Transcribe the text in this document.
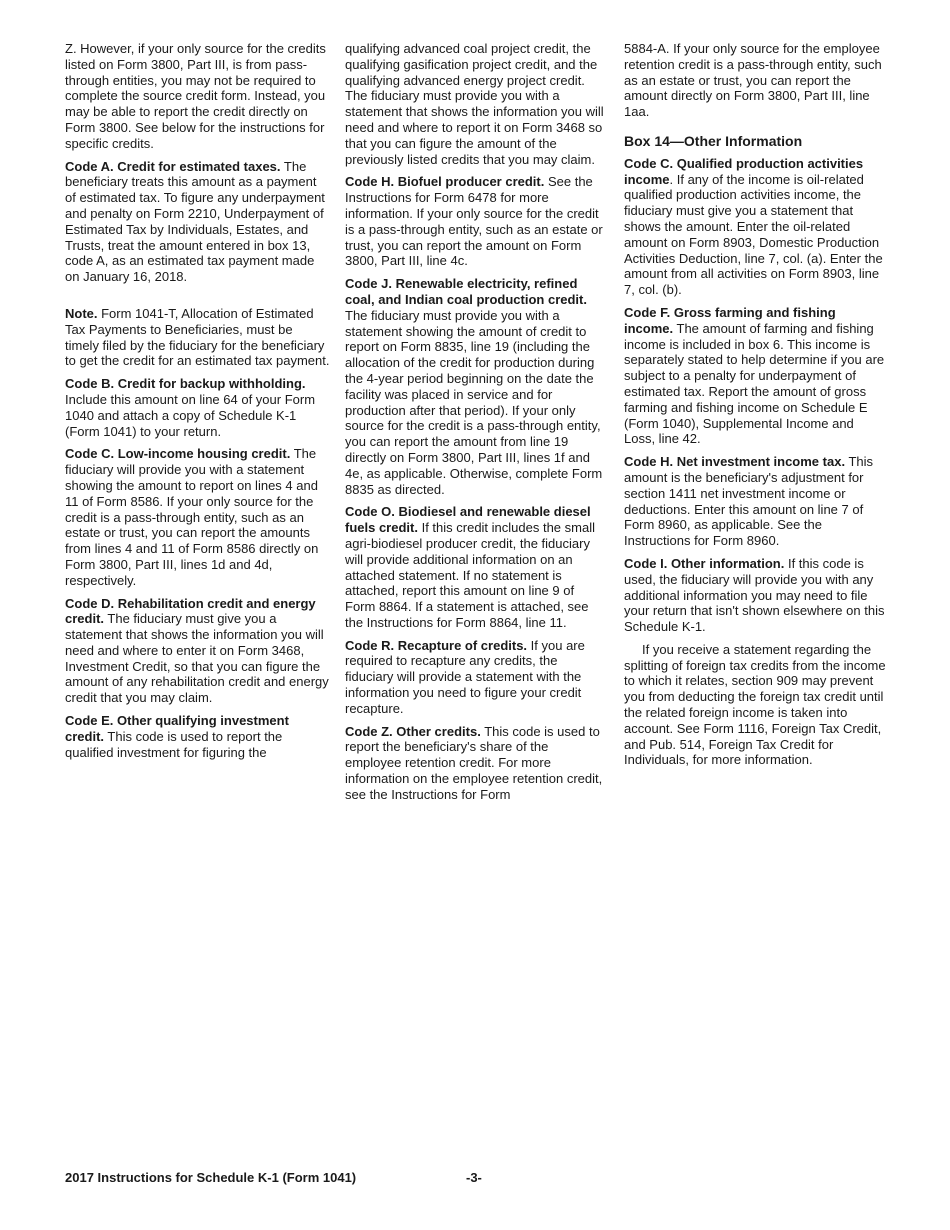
Z. However, if your only source for the credits listed on Form 3800, Part III, is from pass-through entities, you may not be required to complete the source credit form. Instead, you may be able to report the credit directly on Form 3800. See below for the instructions for specific credits.

Code A. Credit for estimated taxes. The beneficiary treats this amount as a payment of estimated tax. To figure any underpayment and penalty on Form 2210, Underpayment of Estimated Tax by Individuals, Estates, and Trusts, treat the amount entered in box 13, code A, as an estimated tax payment made on January 16, 2018.

Note. Form 1041-T, Allocation of Estimated Tax Payments to Beneficiaries, must be timely filed by the fiduciary for the beneficiary to get the credit for an estimated tax payment.

Code B. Credit for backup withholding. Include this amount on line 64 of your Form 1040 and attach a copy of Schedule K-1 (Form 1041) to your return.

Code C. Low-income housing credit. The fiduciary will provide you with a statement showing the amount to report on lines 4 and 11 of Form 8586. If your only source for the credit is a pass-through entity, such as an estate or trust, you can report the amounts from lines 4 and 11 of Form 8586 directly on Form 3800, Part III, lines 1d and 4d, respectively.

Code D. Rehabilitation credit and energy credit. The fiduciary must give you a statement that shows the information you will need and where to enter it on Form 3468, Investment Credit, so that you can figure the amount of any rehabilitation credit and energy credit that you may claim.

Code E. Other qualifying investment credit. This code is used to report the qualified investment for figuring the

qualifying advanced coal project credit, the qualifying gasification project credit, and the qualifying advanced energy project credit. The fiduciary must provide you with a statement that shows the information you will need and where to report it on Form 3468 so that you can figure the amount of the previously listed credits that you may claim.

Code H. Biofuel producer credit. See the Instructions for Form 6478 for more information. If your only source for the credit is a pass-through entity, such as an estate or trust, you can report the amount on Form 3800, Part III, line 4c.

Code J. Renewable electricity, refined coal, and Indian coal production credit. The fiduciary must provide you with a statement showing the amount of credit to report on Form 8835, line 19 (including the allocation of the credit for production during the 4-year period beginning on the date the facility was placed in service and for production after that period). If your only source for the credit is a pass-through entity, you can report the amount from line 19 directly on Form 3800, Part III, lines 1f and 4e, as applicable. Otherwise, complete Form 8835 as directed.

Code O. Biodiesel and renewable diesel fuels credit. If this credit includes the small agri-biodiesel producer credit, the fiduciary will provide additional information on an attached statement. If no statement is attached, report this amount on line 9 of Form 8864. If a statement is attached, see the Instructions for Form 8864, line 11.

Code R. Recapture of credits. If you are required to recapture any credits, the fiduciary will provide a statement with the information you need to figure your credit recapture.

Code Z. Other credits. This code is used to report the beneficiary's share of the employee retention credit. For more information on the employee retention credit, see the Instructions for Form

5884-A. If your only source for the employee retention credit is a pass-through entity, such as an estate or trust, you can report the amount directly on Form 3800, Part III, line 1aa.

Box 14—Other Information

Code C. Qualified production activities income. If any of the income is oil-related qualified production activities income, the fiduciary must give you a statement that shows the amount. Enter the oil-related amount on Form 8903, Domestic Production Activities Deduction, line 7, col. (a). Enter the amount from all activities on Form 8903, line 7, col. (b).

Code F. Gross farming and fishing income. The amount of farming and fishing income is included in box 6. This income is separately stated to help determine if you are subject to a penalty for underpayment of estimated tax. Report the amount of gross farming and fishing income on Schedule E (Form 1040), Supplemental Income and Loss, line 42.

Code H. Net investment income tax. This amount is the beneficiary's adjustment for section 1411 net investment income or deductions. Enter this amount on line 7 of Form 8960, as applicable. See the Instructions for Form 8960.

Code I. Other information. If this code is used, the fiduciary will provide you with any additional information you may need to file your return that isn't shown elsewhere on this Schedule K-1.

If you receive a statement regarding the splitting of foreign tax credits from the income to which it relates, section 909 may prevent you from deducting the foreign tax credit until the related foreign income is taken into account. See Form 1116, Foreign Tax Credit, and Pub. 514, Foreign Tax Credit for Individuals, for more information.

2017 Instructions for Schedule K-1 (Form 1041)	-3-
